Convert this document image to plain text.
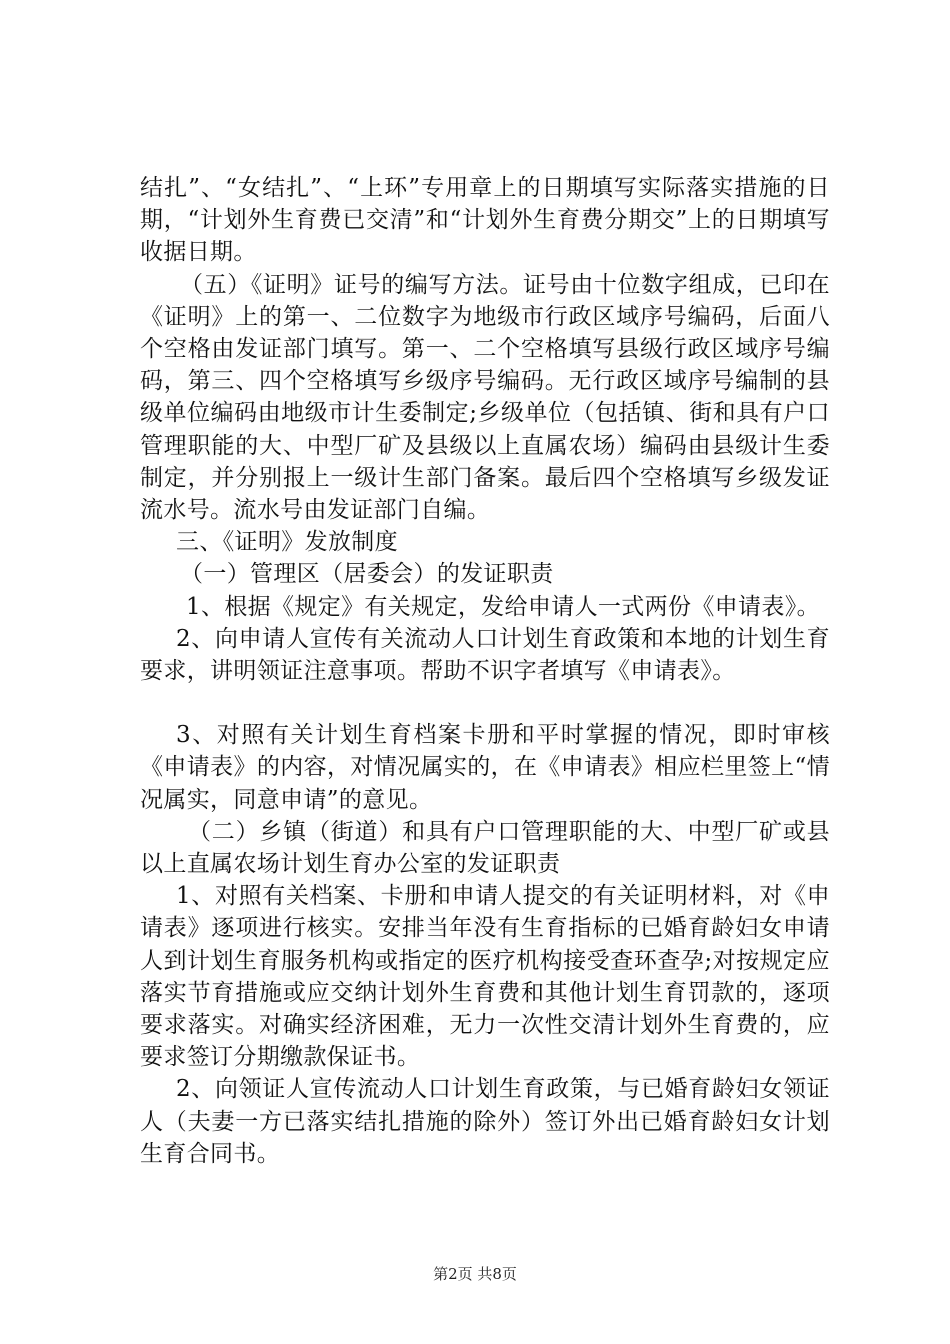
结扎”、“女结扎”、“上环”专用章上的日期填写实际落实措施的日期，“计划外生育费已交清”和“计划外生育费分期交”上的日期填写收据日期。

（五）《证明》证号的编写方法。证号由十位数字组成，已印在《证明》上的第一、二位数字为地级市行政区域序号编码，后面八个空格由发证部门填写。第一、二个空格填写县级行政区域序号编码，第三、四个空格填写乡级序号编码。无行政区域序号编制的县级单位编码由地级市计生委制定;乡级单位（包括镇、街和具有户口管理职能的大、中型厂矿及县级以上直属农场）编码由县级计生委制定，并分别报上一级计生部门备案。最后四个空格填写乡级发证流水号。流水号由发证部门自编。

三、《证明》发放制度

（一）管理区（居委会）的发证职责

1、根据《规定》有关规定，发给申请人一式两份《申请表》。

2、向申请人宣传有关流动人口计划生育政策和本地的计划生育要求，讲明领证注意事项。帮助不识字者填写《申请表》。

3、对照有关计划生育档案卡册和平时掌握的情况，即时审核《申请表》的内容，对情况属实的，在《申请表》相应栏里签上“情况属实，同意申请”的意见。

（二）乡镇（街道）和具有户口管理职能的大、中型厂矿或县以上直属农场计划生育办公室的发证职责

1、对照有关档案、卡册和申请人提交的有关证明材料，对《申请表》逐项进行核实。安排当年没有生育指标的已婚育龄妇女申请人到计划生育服务机构或指定的医疗机构接受查环查孕;对按规定应落实节育措施或应交纳计划外生育费和其他计划生育罚款的，逐项要求落实。对确实经济困难，无力一次性交清计划外生育费的，应要求签订分期缴款保证书。

2、向领证人宣传流动人口计划生育政策，与已婚育龄妇女领证人（夫妻一方已落实结扎措施的除外）签订外出已婚育龄妇女计划生育合同书。

第2页 共8页
